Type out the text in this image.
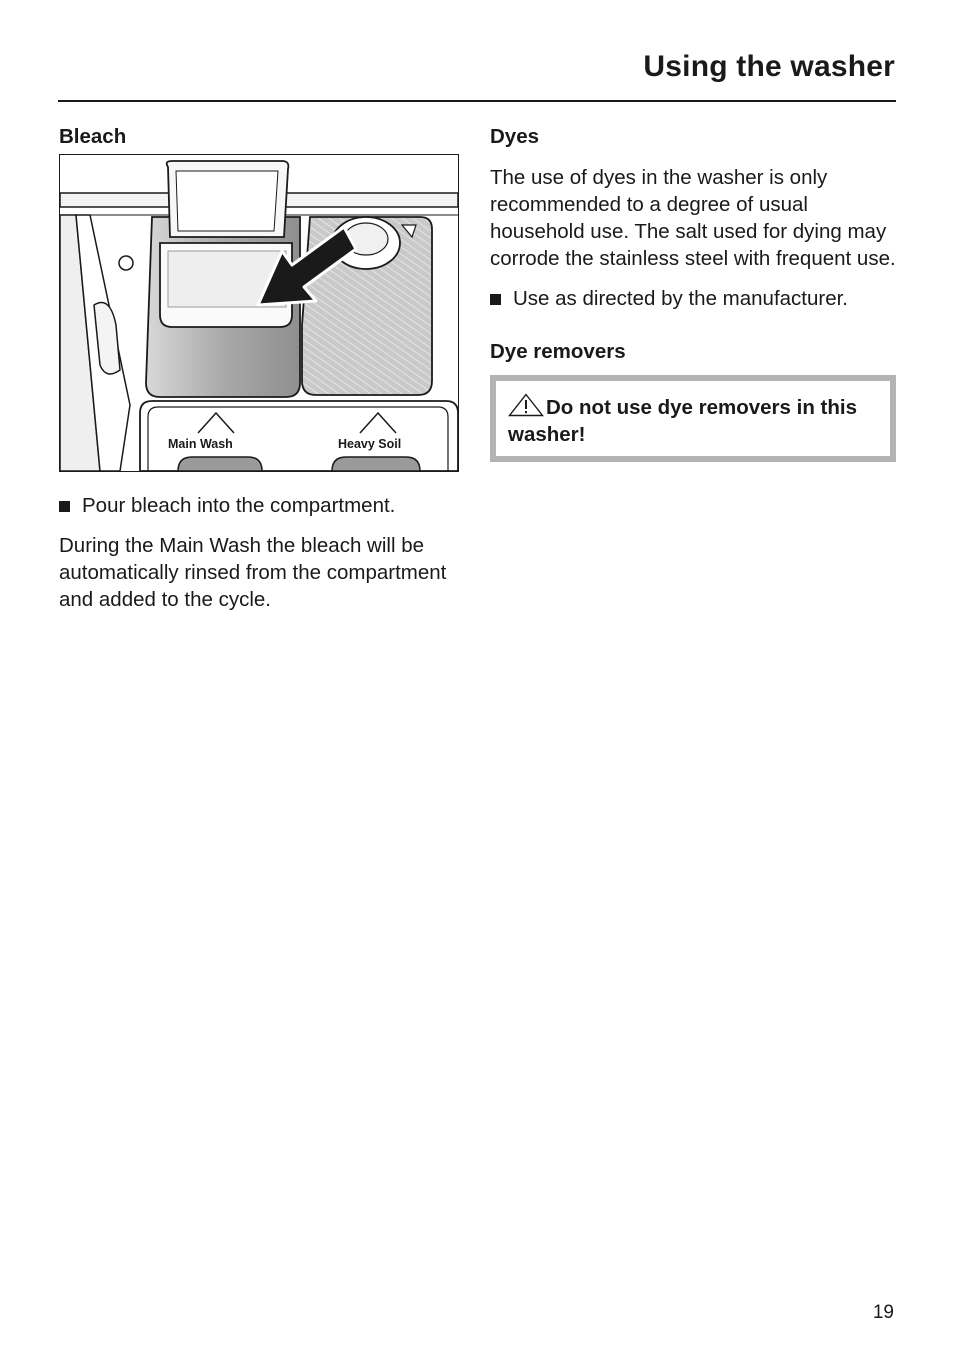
Using the washer
Bleach
Main Wash	Heavy Soil
Pour bleach into the compartment.

During the Main Wash the bleach will be automatically rinsed from the compartment and added to the cycle.

Dyes

The use of dyes in the washer is only recommended to a degree of usual household use. The salt used for dying may corrode the stainless steel with frequent use.

Use as directed by the manufacturer.
Dye removers

Do not use dye removers in this washer!

19
